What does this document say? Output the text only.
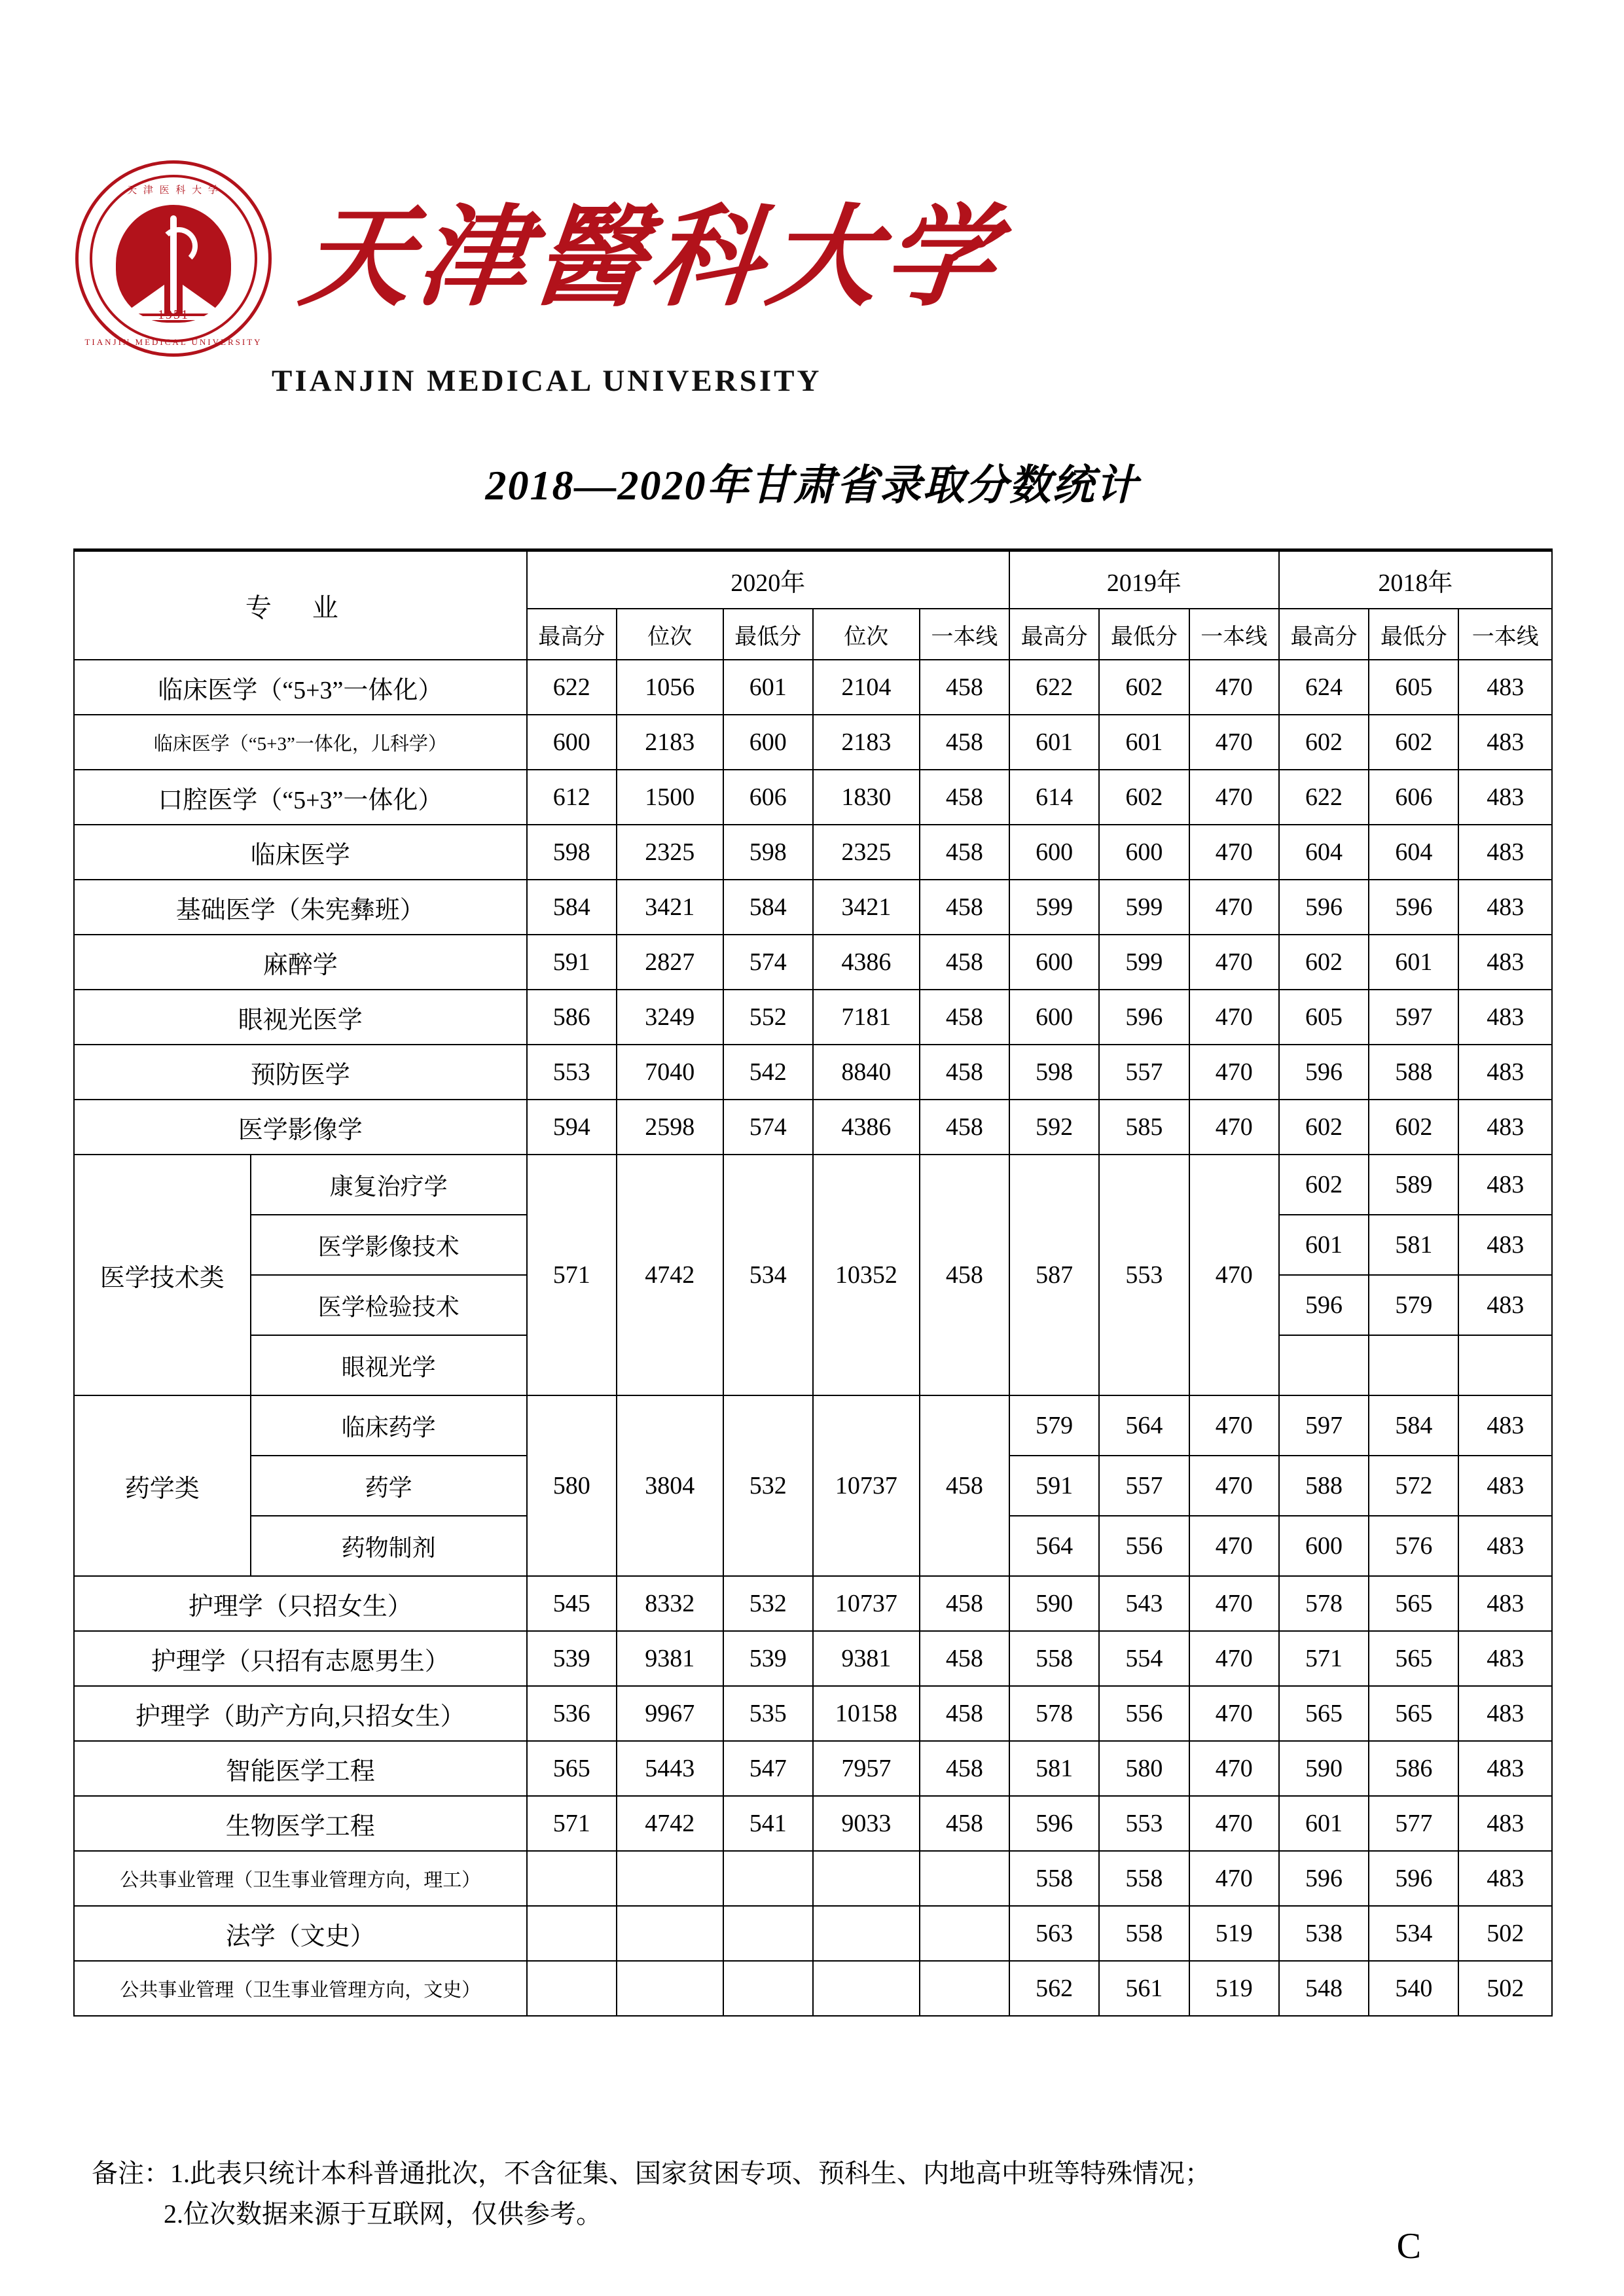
天 津 医 科 大 学
1951
TIANJIN MEDICAL UNIVERSITY
天津醫科大学
TIANJIN MEDICAL UNIVERSITY
2018—2020年甘肃省录取分数统计
专 业		2020年					2019年			2018年		
		最高分	位次	最低分	位次	一本线	最高分	最低分	一本线	最高分	最低分	一本线
临床医学（“5+3”一体化）		622	1056	601	2104	458	622	602	470	624	605	483
临床医学（“5+3”一体化，儿科学）		600	2183	600	2183	458	601	601	470	602	602	483
口腔医学（“5+3”一体化）		612	1500	606	1830	458	614	602	470	622	606	483
临床医学		598	2325	598	2325	458	600	600	470	604	604	483
基础医学（朱宪彝班）		584	3421	584	3421	458	599	599	470	596	596	483
麻醉学		591	2827	574	4386	458	600	599	470	602	601	483
眼视光医学		586	3249	552	7181	458	600	596	470	605	597	483
预防医学		553	7040	542	8840	458	598	557	470	596	588	483
医学影像学		594	2598	574	4386	458	592	585	470	602	602	483
医学技术类	康复治疗学	571	4742	534	10352	458	587	553	470	602	589	483
	医学影像技术									601	581	483
	医学检验技术									596	579	483
	眼视光学											
药学类	临床药学	580	3804	532	10737	458	579	564	470	597	584	483
	药学						591	557	470	588	572	483
	药物制剂						564	556	470	600	576	483
护理学（只招女生）		545	8332	532	10737	458	590	543	470	578	565	483
护理学（只招有志愿男生）		539	9381	539	9381	458	558	554	470	571	565	483
护理学（助产方向,只招女生）		536	9967	535	10158	458	578	556	470	565	565	483
智能医学工程		565	5443	547	7957	458	581	580	470	590	586	483
生物医学工程		571	4742	541	9033	458	596	553	470	601	577	483
公共事业管理（卫生事业管理方向，理工）							558	558	470	596	596	483
法学（文史）							563	558	519	538	534	502
公共事业管理（卫生事业管理方向，文史）							562	561	519	548	540	502
备注：1.此表只统计本科普通批次，不含征集、国家贫困专项、预科生、内地高中班等特殊情况；
2.位次数据来源于互联网，仅供参考。
C
